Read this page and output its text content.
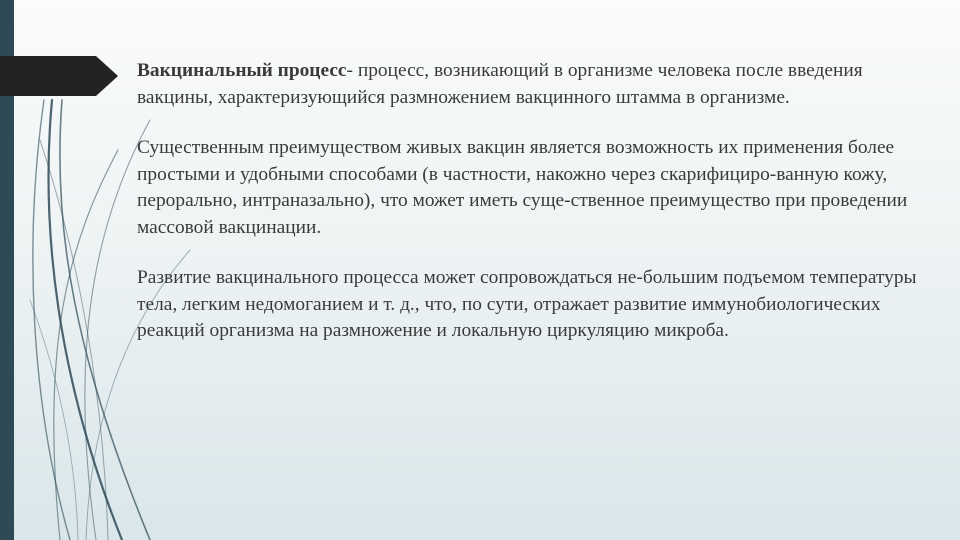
Вакцинальный процесс- процесс, возникающий в организме человека после введения вакцины, характеризующийся размножением вакцинного штамма в организме.

Существенным преимуществом живых вакцин является возможность их применения более простыми и удобными способами (в частности, накожно через скарифициро-ванную кожу, перорально, интраназально), что может иметь суще-ственное преимущество при проведении массовой вакцинации.

Развитие вакцинального процесса может сопровождаться не-большим подъемом температуры тела, легким недомоганием и т. д., что, по сути, отражает развитие иммунобиологических реакций организма на размножение и локальную циркуляцию микроба.
